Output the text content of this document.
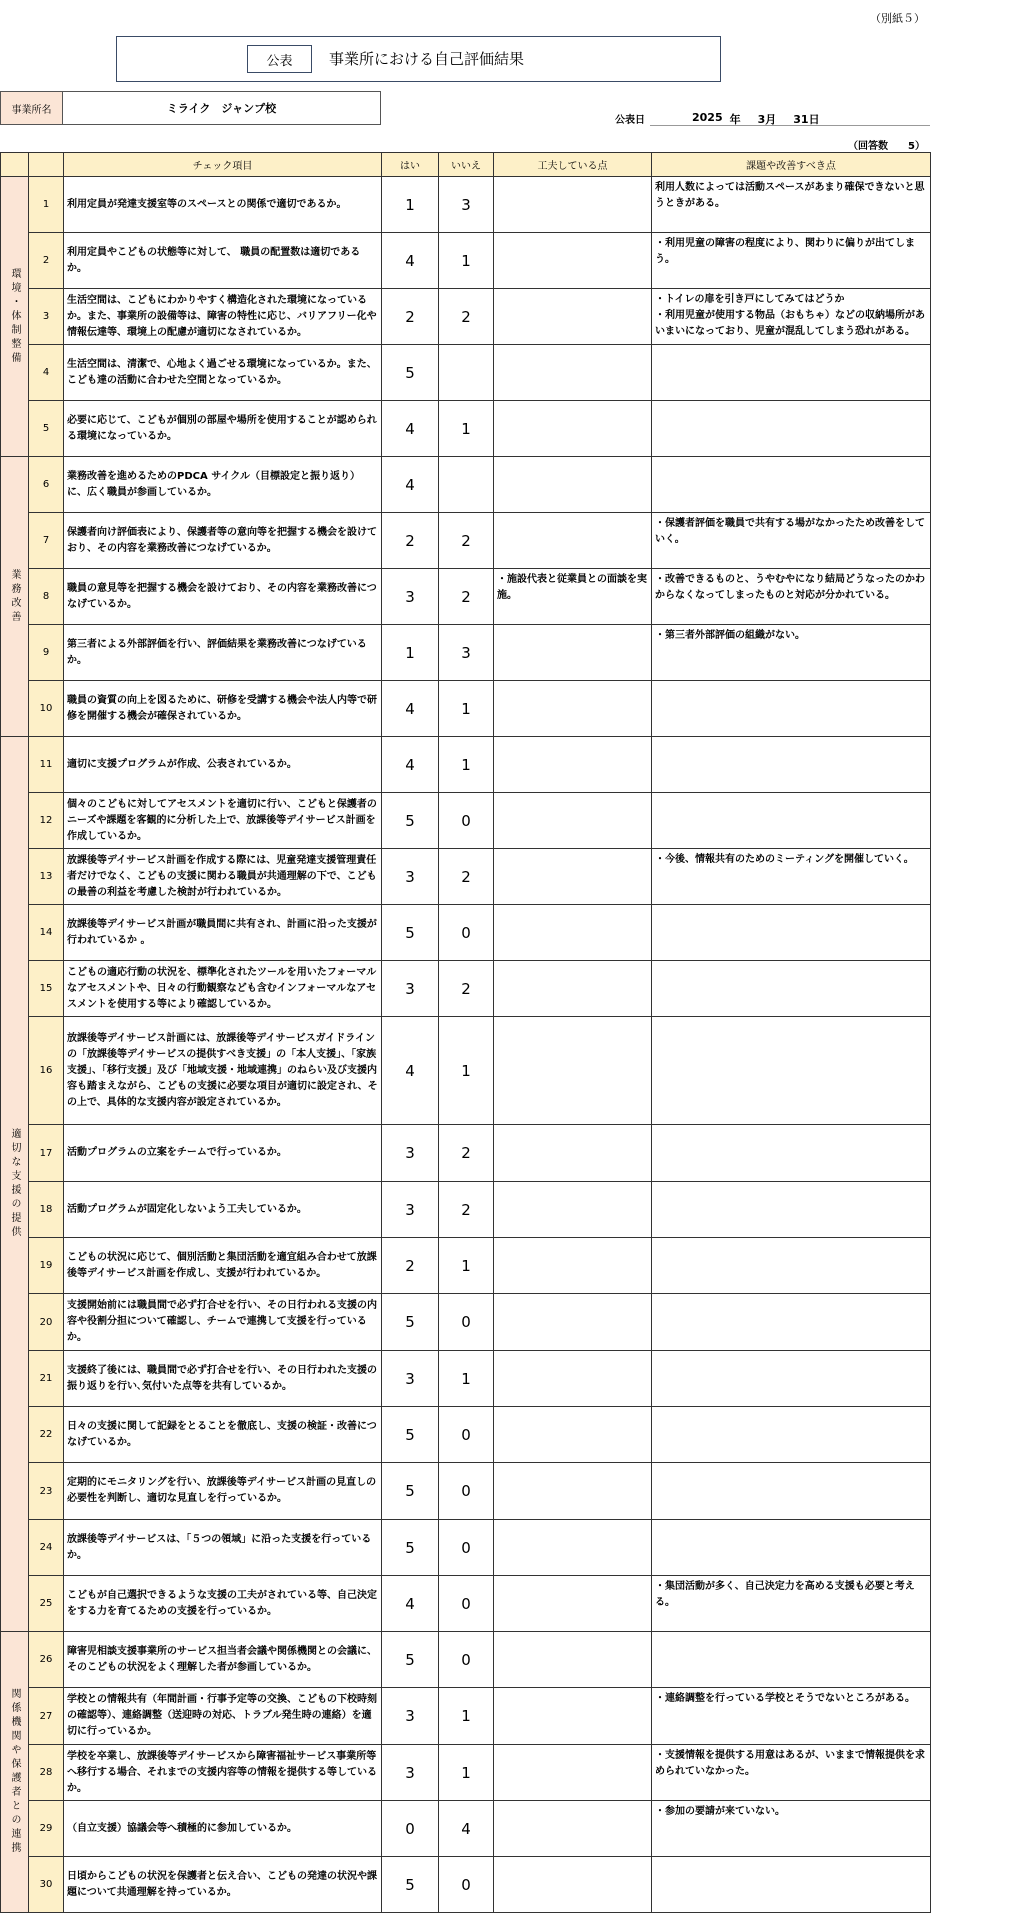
（別紙５）
公表	事業所における自己評価結果
事業所名	ミライク　ジャンプ校
公表日	2025 年 3月 31日
（回答数　　5）
		チェック項目	はい	いいえ	工夫している点	課題や改善すべき点
環境・体制整備	1	利用定員が発達支援室等のスペースとの関係で適切であるか。	1	3		利用人数によっては活動スペースがあまり確保できないと思うときがある。
	2	利用定員やこどもの状態等に対して、 職員の配置数は適切であるか。	4	1		・利用児童の障害の程度により、関わりに偏りが出てしまう。
	3	生活空間は、こどもにわかりやすく構造化された環境になっているか。また、事業所の設備等は、障害の特性に応じ、バリアフリー化や情報伝達等、環境上の配慮が適切になされているか。	2	2		・トイレの扉を引き戸にしてみてはどうか
・利用児童が使用する物品（おもちゃ）などの収納場所があいまいになっており、児童が混乱してしまう恐れがある。
	4	生活空間は、清潔で、心地よく過ごせる環境になっているか。また、こども達の活動に合わせた空間となっているか。	5			
	5	必要に応じて、こどもが個別の部屋や場所を使用することが認められる環境になっているか。	4	1		
業務改善	6	業務改善を進めるためのPDCA サイクル（目標設定と振り返り）に、広く職員が参画しているか。	4			
	7	保護者向け評価表により、保護者等の意向等を把握する機会を設けており、その内容を業務改善につなげているか。	2	2		・保護者評価を職員で共有する場がなかったため改善をしていく。
	8	職員の意見等を把握する機会を設けており、その内容を業務改善につなげているか。	3	2	・施設代表と従業員との面談を実施。	・改善できるものと、うやむやになり結局どうなったのかわからなくなってしまったものと対応が分かれている。
	9	第三者による外部評価を行い、評価結果を業務改善につなげているか。	1	3		・第三者外部評価の組織がない。
	10	職員の資質の向上を図るために、研修を受講する機会や法人内等で研修を開催する機会が確保されているか。	4	1		
適切な支援の提供	11	適切に支援プログラムが作成、公表されているか。	4	1		
	12	個々のこどもに対してアセスメントを適切に行い、こどもと保護者のニーズや課題を客観的に分析した上で、放課後等デイサービス計画を作成しているか。	5	0		
	13	放課後等デイサービス計画を作成する際には、児童発達支援管理責任者だけでなく、こどもの支援に関わる職員が共通理解の下で、こどもの最善の利益を考慮した検討が行われているか。	3	2		・今後、情報共有のためのミーティングを開催していく。
	14	放課後等デイサービス計画が職員間に共有され、計画に沿った支援が行われているか 。	5	0		
	15	こどもの適応行動の状況を、標準化されたツールを用いたフォーマルなアセスメントや、日々の行動観察なども含むインフォーマルなアセスメントを使用する等により確認しているか。	3	2		
	16	放課後等デイサービス計画には、放課後等デイサービスガイドラインの「放課後等デイサービスの提供すべき支援」の「本人支援」、「家族支援」、「移行支援」及び「地域支援・地域連携」のねらい及び支援内容も踏まえながら、こどもの支援に必要な項目が適切に設定され、その上で、具体的な支援内容が設定されているか。	4	1		
	17	活動プログラムの立案をチームで行っているか。	3	2		
	18	活動プログラムが固定化しないよう工夫しているか。	3	2		
	19	こどもの状況に応じて、個別活動と集団活動を適宜組み合わせて放課後等デイサービス計画を作成し、支援が行われているか。	2	1		
	20	支援開始前には職員間で必ず打合せを行い、その日行われる支援の内容や役割分担について確認し、チームで連携して支援を行っているか。	5	0		
	21	支援終了後には、職員間で必ず打合せを行い、その日行われた支援の振り返りを行い､気付いた点等を共有しているか。	3	1		
	22	日々の支援に関して記録をとることを徹底し、支援の検証・改善につなげているか。	5	0		
	23	定期的にモニタリングを行い、放課後等デイサービス計画の見直しの必要性を判断し、適切な見直しを行っているか。	5	0		
	24	放課後等デイサービスは、「５つの領域」に沿った支援を行っているか。	5	0		
	25	こどもが自己選択できるような支援の工夫がされている等、自己決定をする力を育てるための支援を行っているか。	4	0		・集団活動が多く、自己決定力を高める支援も必要と考える。
関係機関や保護者との連携	26	障害児相談支援事業所のサービス担当者会議や関係機関との会議に、そのこどもの状況をよく理解した者が参画しているか。	5	0		
	27	学校との情報共有（年間計画・行事予定等の交換、こどもの下校時刻の確認等）、連絡調整（送迎時の対応、トラブル発生時の連絡）を適切に行っているか。	3	1		・連絡調整を行っている学校とそうでないところがある。
	28	学校を卒業し、放課後等デイサービスから障害福祉サービス事業所等へ移行する場合、それまでの支援内容等の情報を提供する等しているか。	3	1		・支援情報を提供する用意はあるが、いままで情報提供を求められていなかった。
	29	（自立支援）協議会等へ積極的に参加しているか。	0	4		・参加の要請が来ていない。
	30	日頃からこどもの状況を保護者と伝え合い、こどもの発達の状況や課題について共通理解を持っているか。	5	0		
